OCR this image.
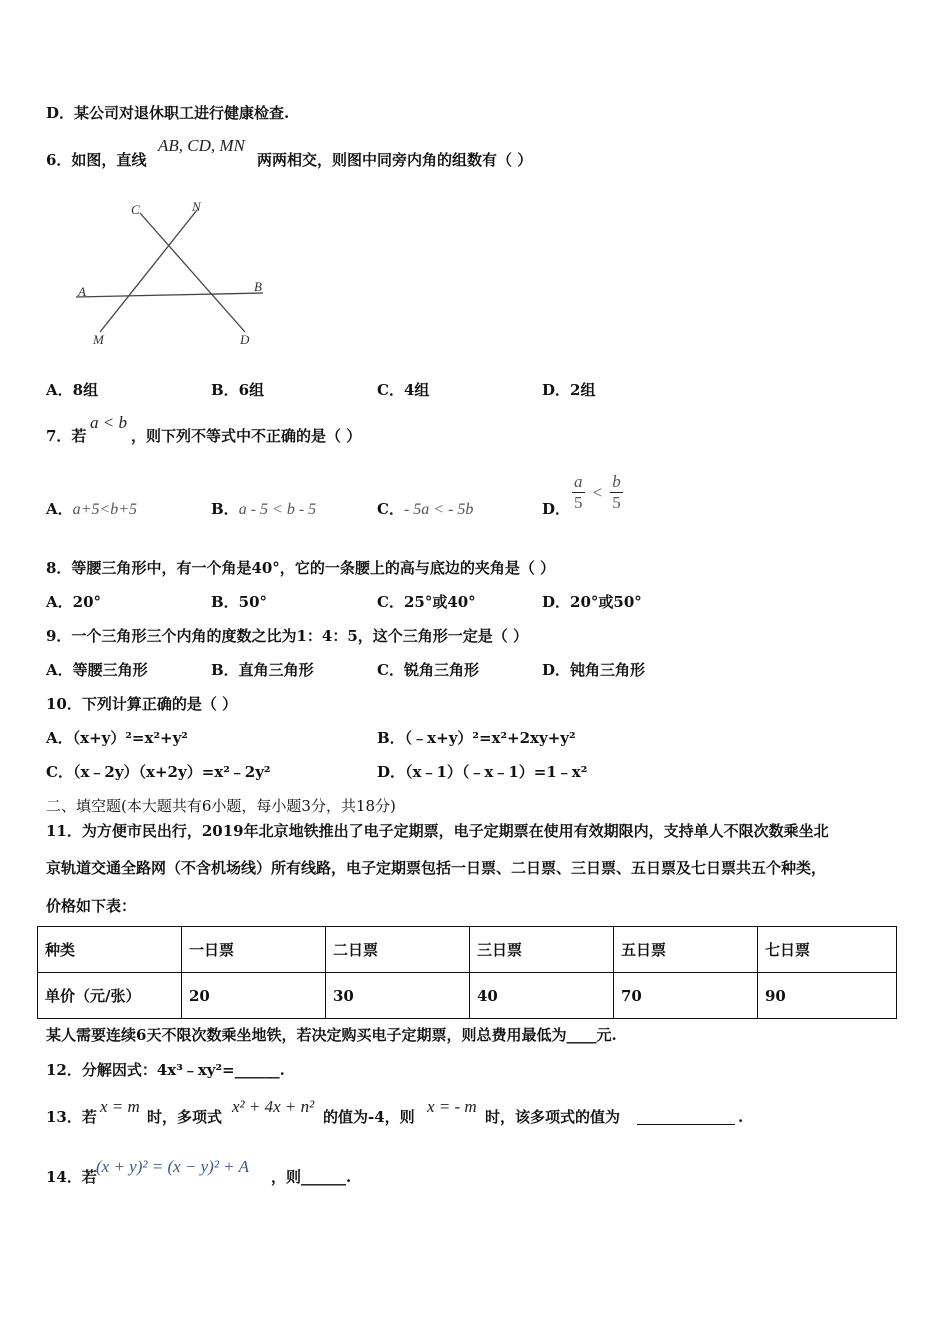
D．某公司对退休职工进行健康检查.
6．如图，直线
AB, CD, MN
两两相交，则图中同旁内角的组数有（ ）
C	N
A	B
M	D
A．8组	B．6组	C．4组	D．2组
7．若
a < b
，则下列不等式中不正确的是（ ）
A．a+5<b+5	B．a - 5 < b - 5	C．- 5a < - 5b	D． $\frac{a}{5} < \frac{b}{5}$
8．等腰三角形中，有一个角是40°，它的一条腰上的高与底边的夹角是（ ）
A．20°	B．50°	C．25°或40°	D．20°或50°
9．一个三角形三个内角的度数之比为1：4：5，这个三角形一定是（ ）
A．等腰三角形	B．直角三角形	C．锐角三角形	D．钝角三角形
10．下列计算正确的是（ ）
A．（x+y）²=x²+y²	B．（﹣x+y）²=x²+2xy+y²
C．（x﹣2y）（x+2y）=x²﹣2y²	D．（x﹣1）（﹣x﹣1）=1﹣x²
二、填空题(本大题共有6小题，每小题3分，共18分)
11．为方便市民出行，2019年北京地铁推出了电子定期票，电子定期票在使用有效期限内，支持单人不限次数乘坐北
京轨道交通全路网（不含机场线）所有线路，电子定期票包括一日票、二日票、三日票、五日票及七日票共五个种类，
价格如下表：
种类	一日票	二日票	三日票	五日票	七日票
单价（元/张）	20	30	40	70	90
某人需要连续6天不限次数乘坐地铁，若决定购买电子定期票，则总费用最低为____元.
12．分解因式：4x³﹣xy²=______.
13．若
x = m
时，多项式
x² + 4x + n²
的值为-4，则
x = - m
时，该多项式的值为	.
14．若
(x + y)² = (x − y)² + A
，则______.
